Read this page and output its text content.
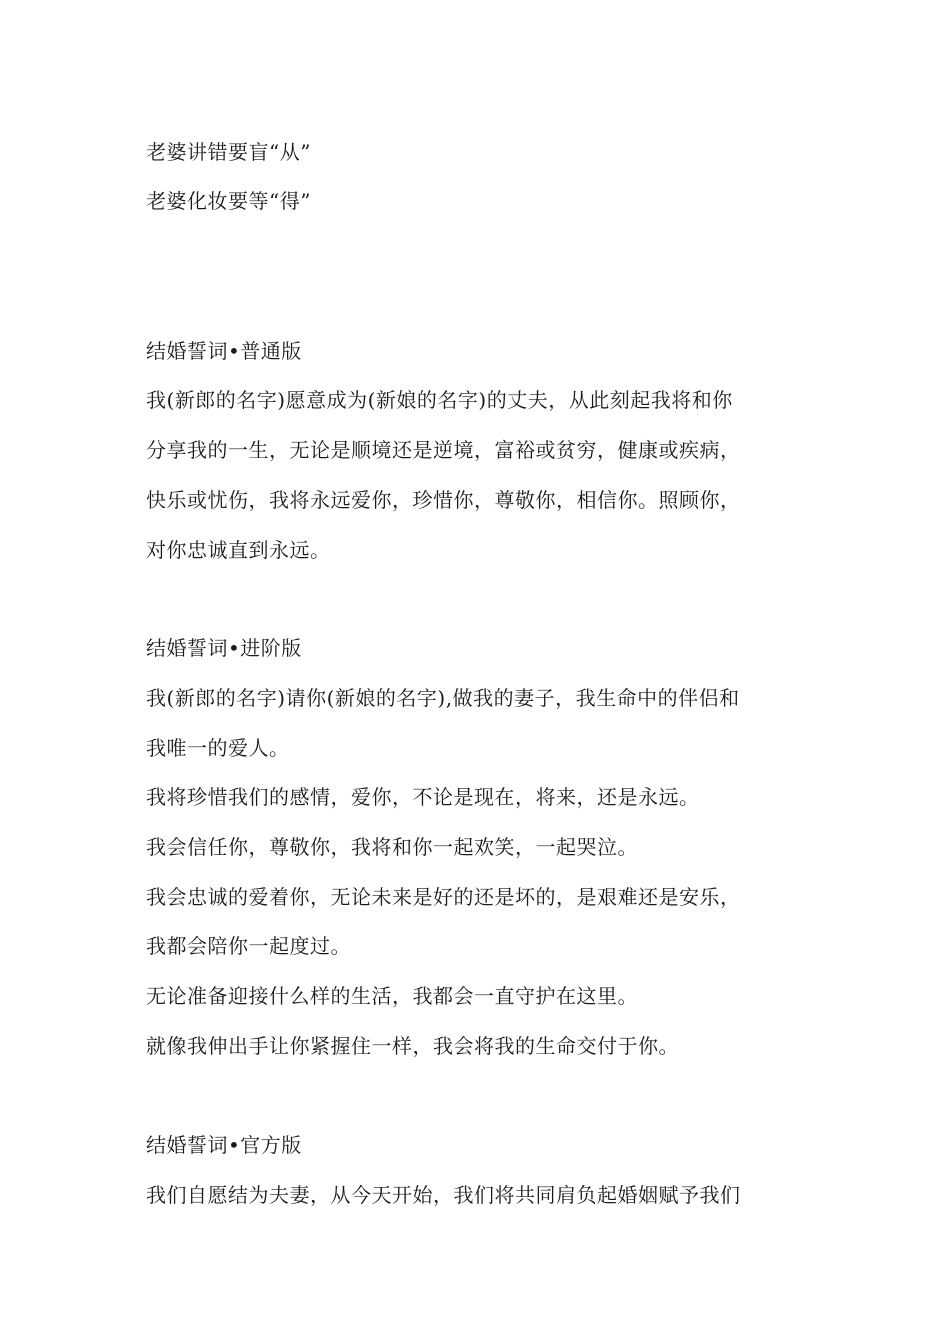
老婆讲错要盲“从”
老婆化妆要等“得”
结婚誓词•普通版
我(新郎的名字)愿意成为(新娘的名字)的丈夫，从此刻起我将和你
分享我的一生，无论是顺境还是逆境，富裕或贫穷，健康或疾病，
快乐或忧伤，我将永远爱你，珍惜你，尊敬你，相信你。照顾你，
对你忠诚直到永远。
结婚誓词•进阶版
我(新郎的名字)请你(新娘的名字),做我的妻子，我生命中的伴侣和
我唯一的爱人。
我将珍惜我们的感情，爱你，不论是现在，将来，还是永远。
我会信任你，尊敬你，我将和你一起欢笑，一起哭泣。
我会忠诚的爱着你，无论未来是好的还是坏的，是艰难还是安乐，
我都会陪你一起度过。
无论准备迎接什么样的生活，我都会一直守护在这里。
就像我伸出手让你紧握住一样，我会将我的生命交付于你。
结婚誓词•官方版
我们自愿结为夫妻，从今天开始，我们将共同肩负起婚姻赋予我们
